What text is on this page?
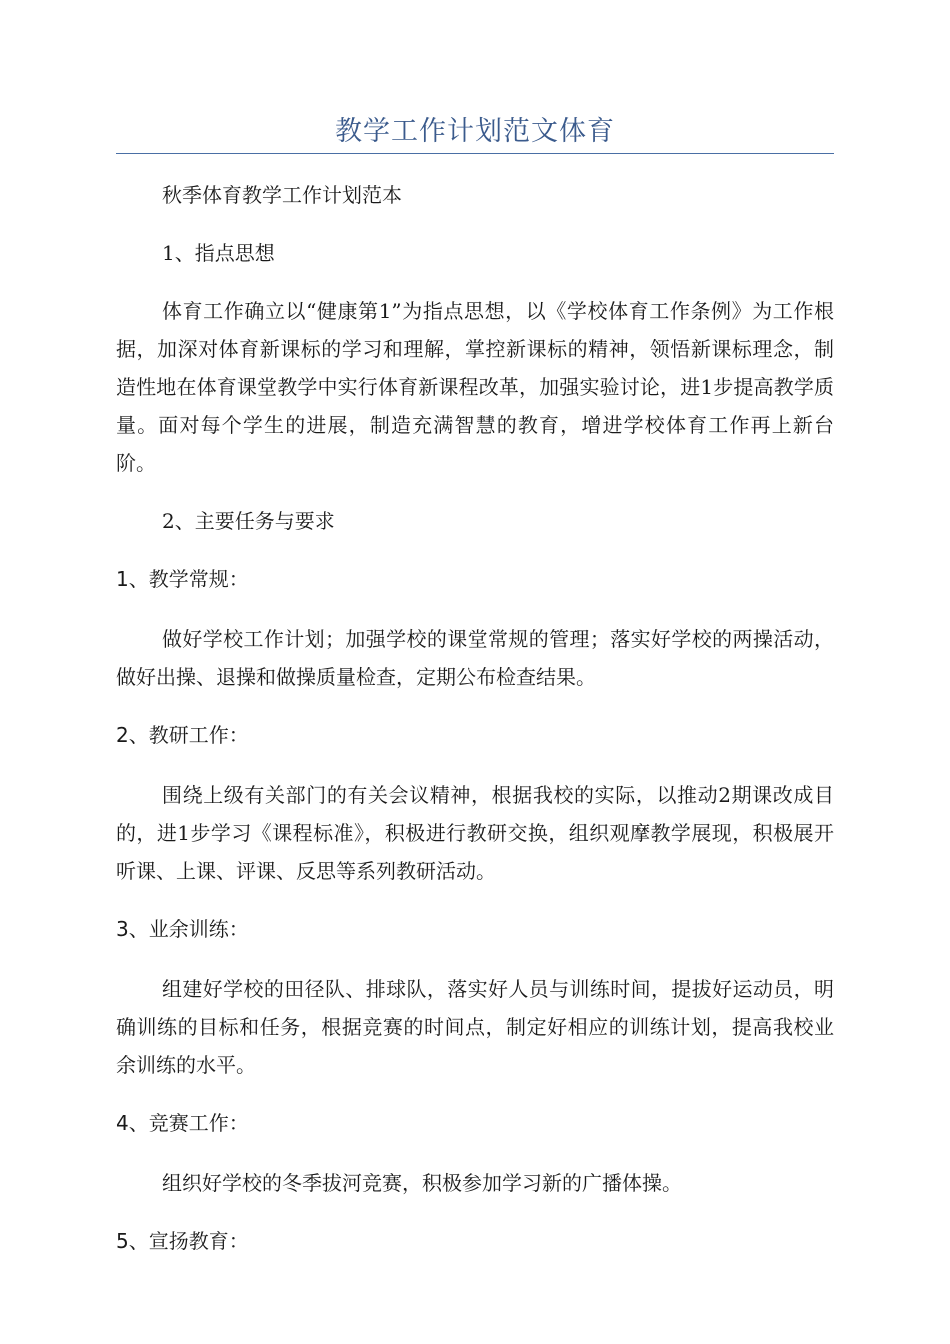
教学工作计划范文体育

秋季体育教学工作计划范本

1、指点思想

体育工作确立以“健康第1”为指点思想，以《学校体育工作条例》为工作根据，加深对体育新课标的学习和理解，掌控新课标的精神，领悟新课标理念，制造性地在体育课堂教学中实行体育新课程改革，加强实验讨论，进1步提高教学质量。面对每个学生的进展，制造充满智慧的教育，增进学校体育工作再上新台阶。

2、主要任务与要求

1、教学常规：

做好学校工作计划；加强学校的课堂常规的管理；落实好学校的两操活动，做好出操、退操和做操质量检查，定期公布检查结果。

2、教研工作：

围绕上级有关部门的有关会议精神，根据我校的实际，以推动2期课改成目的，进1步学习《课程标准》，积极进行教研交换，组织观摩教学展现，积极展开听课、上课、评课、反思等系列教研活动。

3、业余训练：

组建好学校的田径队、排球队，落实好人员与训练时间，提拔好运动员，明确训练的目标和任务，根据竞赛的时间点，制定好相应的训练计划，提高我校业余训练的水平。

4、竞赛工作：

组织好学校的冬季拔河竞赛，积极参加学习新的广播体操。

5、宣扬教育：
